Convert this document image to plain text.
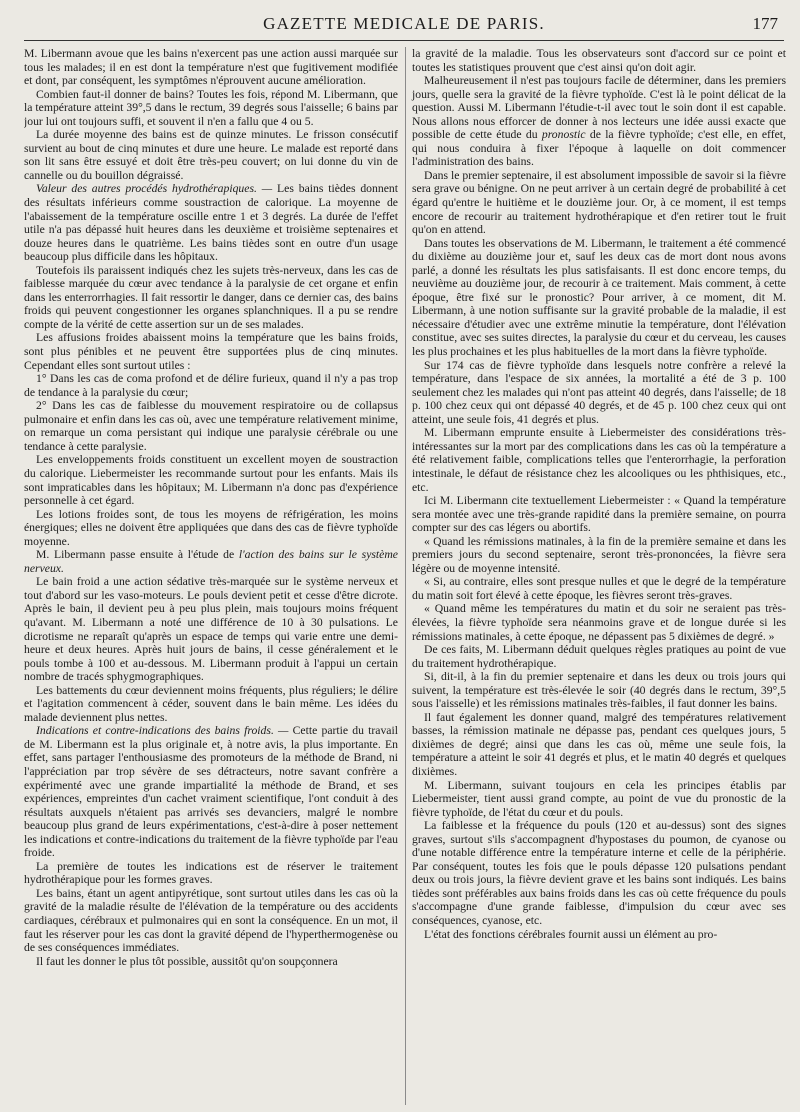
GAZETTE MEDICALE DE PARIS.	177

M. Libermann avoue que les bains n'exercent pas une action aussi marquée sur tous les malades; il en est dont la température n'est que fugitivement modifiée et dont, par conséquent, les symptômes n'éprouvent aucune amélioration.

Combien faut-il donner de bains? Toutes les fois, répond M. Libermann, que la température atteint 39°,5 dans le rectum, 39 degrés sous l'aisselle; 6 bains par jour lui ont toujours suffi, et souvent il n'en a fallu que 4 ou 5.

La durée moyenne des bains est de quinze minutes. Le frisson consécutif survient au bout de cinq minutes et dure une heure. Le malade est reporté dans son lit sans être essuyé et doit être très-peu couvert; on lui donne du vin de cannelle ou du bouillon dégraissé.

Valeur des autres procédés hydrothérapiques. — Les bains tièdes donnent des résultats inférieurs comme soustraction de calorique. La moyenne de l'abaissement de la température oscille entre 1 et 3 degrés. La durée de l'effet utile n'a pas dépassé huit heures dans les deuxième et troisième septenaires et douze heures dans le quatrième. Les bains tièdes sont en outre d'un usage beaucoup plus difficile dans les hôpitaux.

Toutefois ils paraissent indiqués chez les sujets très-nerveux, dans les cas de faiblesse marquée du cœur avec tendance à la paralysie de cet organe et enfin dans les enterrorrhagies. Il fait ressortir le danger, dans ce dernier cas, des bains froids qui peuvent congestionner les organes splanchniques. Il a pu se rendre compte de la vérité de cette assertion sur un de ses malades.

Les affusions froides abaissent moins la température que les bains froids, sont plus pénibles et ne peuvent être supportées plus de cinq minutes. Cependant elles sont surtout utiles :

1° Dans les cas de coma profond et de délire furieux, quand il n'y a pas trop de tendance à la paralysie du cœur;

2° Dans les cas de faiblesse du mouvement respiratoire ou de collapsus pulmonaire et enfin dans les cas où, avec une température relativement minime, on remarque un coma persistant qui indique une paralysie cérébrale ou une tendance à cette paralysie.

Les enveloppements froids constituent un excellent moyen de soustraction du calorique. Liebermeister les recommande surtout pour les enfants. Mais ils sont impraticables dans les hôpitaux; M. Libermann n'a donc pas d'expérience personnelle à cet égard.

Les lotions froides sont, de tous les moyens de réfrigération, les moins énergiques; elles ne doivent être appliquées que dans des cas de fièvre typhoïde moyenne.

M. Libermann passe ensuite à l'étude de l'action des bains sur le système nerveux.

Le bain froid a une action sédative très-marquée sur le système nerveux et tout d'abord sur les vaso-moteurs. Le pouls devient petit et cesse d'être dicrote. Après le bain, il devient peu à peu plus plein, mais toujours moins fréquent qu'avant. M. Libermann a noté une différence de 10 à 30 pulsations. Le dicrotisme ne reparaît qu'après un espace de temps qui varie entre une demi-heure et deux heures. Après huit jours de bains, il cesse généralement et le pouls tombe à 100 et au-dessous. M. Libermann produit à l'appui un certain nombre de tracés sphygmographiques.

Les battements du cœur deviennent moins fréquents, plus réguliers; le délire et l'agitation commencent à céder, souvent dans le bain même. Les idées du malade deviennent plus nettes.

Indications et contre-indications des bains froids. — Cette partie du travail de M. Libermann est la plus originale et, à notre avis, la plus importante. En effet, sans partager l'enthousiasme des promoteurs de la méthode de Brand, ni l'appréciation par trop sévère de ses détracteurs, notre savant confrère a expérimenté avec une grande impartialité la méthode de Brand, et ses expériences, empreintes d'un cachet vraiment scientifique, l'ont conduit à des résultats auxquels n'étaient pas arrivés ses devanciers, malgré le nombre beaucoup plus grand de leurs expérimentations, c'est-à-dire à poser nettement les indications et contre-indications du traitement de la fièvre typhoïde par l'eau froide.

La première de toutes les indications est de réserver le traitement hydrothérapique pour les formes graves.

Les bains, étant un agent antipyrétique, sont surtout utiles dans les cas où la gravité de la maladie résulte de l'élévation de la température ou des accidents cardiaques, cérébraux et pulmonaires qui en sont la conséquence. En un mot, il faut les réserver pour les cas dont la gravité dépend de l'hyperthermogenèse ou de ses conséquences immédiates.

Il faut les donner le plus tôt possible, aussitôt qu'on soupçonnera

la gravité de la maladie. Tous les observateurs sont d'accord sur ce point et toutes les statistiques prouvent que c'est ainsi qu'on doit agir.

Malheureusement il n'est pas toujours facile de déterminer, dans les premiers jours, quelle sera la gravité de la fièvre typhoïde. C'est là le point délicat de la question. Aussi M. Libermann l'étudie-t-il avec tout le soin dont il est capable. Nous allons nous efforcer de donner à nos lecteurs une idée aussi exacte que possible de cette étude du pronostic de la fièvre typhoïde; c'est elle, en effet, qui nous conduira à fixer l'époque à laquelle on doit commencer l'administration des bains.

Dans le premier septenaire, il est absolument impossible de savoir si la fièvre sera grave ou bénigne. On ne peut arriver à un certain degré de probabilité à cet égard qu'entre le huitième et le douzième jour. Or, à ce moment, il est temps encore de recourir au traitement hydrothérapique et d'en retirer tout le fruit qu'on en attend.

Dans toutes les observations de M. Libermann, le traitement a été commencé du dixième au douzième jour et, sauf les deux cas de mort dont nous avons parlé, a donné les résultats les plus satisfaisants. Il est donc encore temps, du neuvième au douzième jour, de recourir à ce traitement. Mais comment, à cette époque, être fixé sur le pronostic? Pour arriver, à ce moment, dit M. Libermann, à une notion suffisante sur la gravité probable de la maladie, il est nécessaire d'étudier avec une extrême minutie la température, dont l'élévation constitue, avec ses suites directes, la paralysie du cœur et du cerveau, les causes les plus prochaines et les plus habituelles de la mort dans la fièvre typhoïde.

Sur 174 cas de fièvre typhoïde dans lesquels notre confrère a relevé la température, dans l'espace de six années, la mortalité a été de 3 p. 100 seulement chez les malades qui n'ont pas atteint 40 degrés, dans l'aisselle; de 18 p. 100 chez ceux qui ont dépassé 40 degrés, et de 45 p. 100 chez ceux qui ont atteint, une seule fois, 41 degrés et plus.

M. Libermann emprunte ensuite à Liebermeister des considérations très-intéressantes sur la mort par des complications dans les cas où la température a été relativement faible, complications telles que l'enterorrhagie, la perforation intestinale, le défaut de résistance chez les alcooliques ou les phthisiques, etc., etc.

Ici M. Libermann cite textuellement Liebermeister : « Quand la température sera montée avec une très-grande rapidité dans la première semaine, on pourra compter sur des cas légers ou abortifs.

« Quand les rémissions matinales, à la fin de la première semaine et dans les premiers jours du second septenaire, seront très-prononcées, la fièvre sera légère ou de moyenne intensité.

« Si, au contraire, elles sont presque nulles et que le degré de la température du matin soit fort élevé à cette époque, les fièvres seront très-graves.

« Quand même les températures du matin et du soir ne seraient pas très-élevées, la fièvre typhoïde sera néanmoins grave et de longue durée si les rémissions matinales, à cette époque, ne dépassent pas 5 dixièmes de degré. »

De ces faits, M. Libermann déduit quelques règles pratiques au point de vue du traitement hydrothérapique.

Si, dit-il, à la fin du premier septenaire et dans les deux ou trois jours qui suivent, la température est très-élevée le soir (40 degrés dans le rectum, 39°,5 sous l'aisselle) et les rémissions matinales très-faibles, il faut donner les bains.

Il faut également les donner quand, malgré des températures relativement basses, la rémission matinale ne dépasse pas, pendant ces quelques jours, 5 dixièmes de degré; ainsi que dans les cas où, même une seule fois, la température a atteint le soir 41 degrés et plus, et le matin 40 degrés et quelques dixièmes.

M. Libermann, suivant toujours en cela les principes établis par Liebermeister, tient aussi grand compte, au point de vue du pronostic de la fièvre typhoïde, de l'état du cœur et du pouls.

La faiblesse et la fréquence du pouls (120 et au-dessus) sont des signes graves, surtout s'ils s'accompagnent d'hypostases du poumon, de cyanose ou d'une notable différence entre la température interne et celle de la périphérie. Par conséquent, toutes les fois que le pouls dépasse 120 pulsations pendant deux ou trois jours, la fièvre devient grave et les bains sont indiqués. Les bains tièdes sont préférables aux bains froids dans les cas où cette fréquence du pouls s'accompagne d'une grande faiblesse, d'impulsion du cœur avec ses conséquences, cyanose, etc.

L'état des fonctions cérébrales fournit aussi un élément au pro-
